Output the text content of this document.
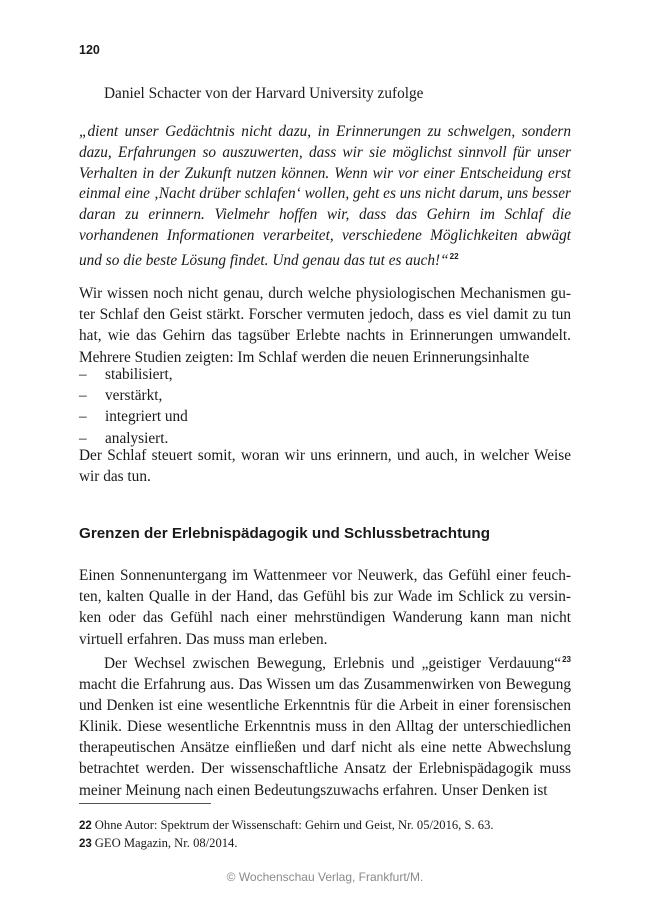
120
Daniel Schacter von der Harvard University zufolge
„dient unser Gedächtnis nicht dazu, in Erinnerungen zu schwelgen, sondern dazu, Erfahrungen so auszuwerten, dass wir sie möglichst sinnvoll für unser Verhalten in der Zukunft nutzen können. Wenn wir vor einer Entscheidung erst einmal eine ‚Nacht drüber schlafen‘ wollen, geht es uns nicht darum, uns besser daran zu erinnern. Vielmehr hoffen wir, dass das Gehirn im Schlaf die vorhandenen Informationen verarbeitet, verschiedene Möglichkeiten abwägt und so die beste Lösung findet. Und genau das tut es auch!“$^{22}$
Wir wissen noch nicht genau, durch welche physiologischen Mechanismen guter Schlaf den Geist stärkt. Forscher vermuten jedoch, dass es viel damit zu tun hat, wie das Gehirn das tagsüber Erlebte nachts in Erinnerungen umwandelt. Mehrere Studien zeigten: Im Schlaf werden die neuen Erinnerungsinhalte
– stabilisiert,
– verstärkt,
– integriert und
– analysiert.
Der Schlaf steuert somit, woran wir uns erinnern, und auch, in welcher Weise wir das tun.
Grenzen der Erlebnispädagogik und Schlussbetrachtung
Einen Sonnenuntergang im Wattenmeer vor Neuwerk, das Gefühl einer feuchten, kalten Qualle in der Hand, das Gefühl bis zur Wade im Schlick zu versinken oder das Gefühl nach einer mehrstündigen Wanderung kann man nicht virtuell erfahren. Das muss man erleben.
Der Wechsel zwischen Bewegung, Erlebnis und „geistiger Verdauung“$^{23}$ macht die Erfahrung aus. Das Wissen um das Zusammenwirken von Bewegung und Denken ist eine wesentliche Erkenntnis für die Arbeit in einer forensischen Klinik. Diese wesentliche Erkenntnis muss in den Alltag der unterschiedlichen therapeutischen Ansätze einfließen und darf nicht als eine nette Abwechslung betrachtet werden. Der wissenschaftliche Ansatz der Erlebnispädagogik muss meiner Meinung nach einen Bedeutungszuwachs erfahren. Unser Denken ist
22 Ohne Autor: Spektrum der Wissenschaft: Gehirn und Geist, Nr. 05/2016, S. 63.
23 GEO Magazin, Nr. 08/2014.
© Wochenschau Verlag, Frankfurt/M.
